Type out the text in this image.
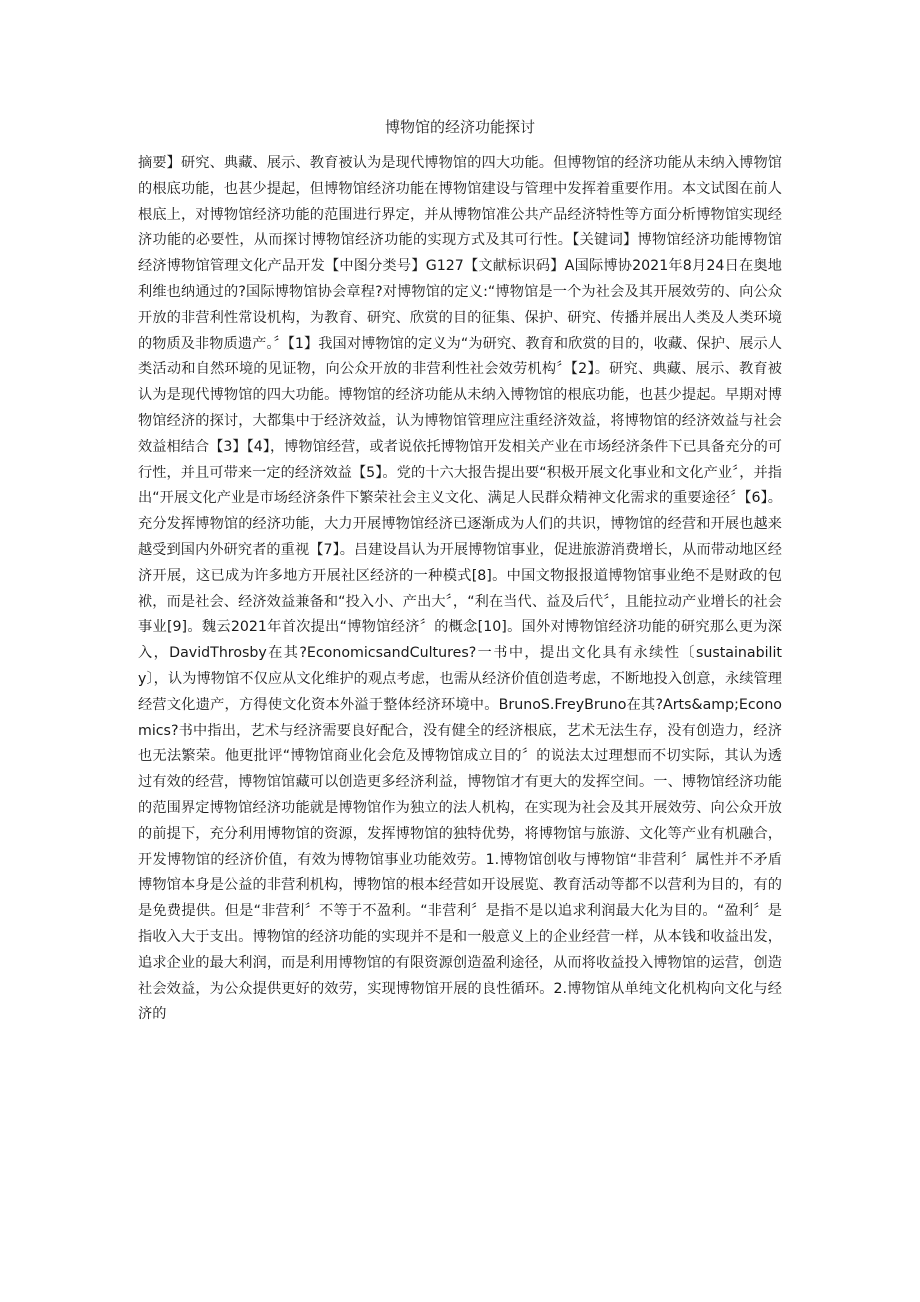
博物馆的经济功能探讨

摘要】研究、典藏、展示、教育被认为是现代博物馆的四大功能。但博物馆的经济功能从未纳入博物馆的根底功能，也甚少提起，但博物馆经济功能在博物馆建设与管理中发挥着重要作用。本文试图在前人根底上，对博物馆经济功能的范围进行界定，并从博物馆准公共产品经济特性等方面分析博物馆实现经济功能的必要性，从而探讨博物馆经济功能的实现方式及其可行性。【关键词】博物馆经济功能博物馆经济博物馆管理文化产品开发【中图分类号】G127【文献标识码】A国际博协2021年8月24日在奥地利维也纳通过的?国际博物馆协会章程?对博物馆的定义:“博物馆是一个为社会及其开展效劳的、向公众开放的非营利性常设机构，为教育、研究、欣赏的目的征集、保护、研究、传播并展出人类及人类环境的物质及非物质遗产。〞【1】我国对博物馆的定义为“为研究、教育和欣赏的目的，收藏、保护、展示人类活动和自然环境的见证物，向公众开放的非营利性社会效劳机构〞【2】。研究、典藏、展示、教育被认为是现代博物馆的四大功能。博物馆的经济功能从未纳入博物馆的根底功能，也甚少提起。早期对博物馆经济的探讨，大都集中于经济效益，认为博物馆管理应注重经济效益，将博物馆的经济效益与社会效益相结合【3】【4】，博物馆经营，或者说依托博物馆开发相关产业在市场经济条件下已具备充分的可行性，并且可带来一定的经济效益【5】。党的十六大报告提出要“积极开展文化事业和文化产业〞，并指出“开展文化产业是市场经济条件下繁荣社会主义文化、满足人民群众精神文化需求的重要途径〞【6】。充分发挥博物馆的经济功能，大力开展博物馆经济已逐渐成为人们的共识，博物馆的经营和开展也越来越受到国内外研究者的重视【7】。吕建设昌认为开展博物馆事业，促进旅游消费增长，从而带动地区经济开展，这已成为许多地方开展社区经济的一种模式[8]。中国文物报报道博物馆事业绝不是财政的包袱，而是社会、经济效益兼备和“投入小、产出大〞，“利在当代、益及后代〞，且能拉动产业增长的社会事业[9]。魏云2021年首次提出“博物馆经济〞的概念[10]。国外对博物馆经济功能的研究那么更为深入，DavidThrosby在其?EconomicsandCultures?一书中，提出文化具有永续性〔sustainability〕，认为博物馆不仅应从文化维护的观点考虑，也需从经济价值创造考虑，不断地投入创意，永续管理经营文化遗产，方得使文化资本外溢于整体经济环境中。BrunoS.FreyBruno在其?Arts&amp;Economics?书中指出，艺术与经济需要良好配合，没有健全的经济根底，艺术无法生存，没有创造力，经济也无法繁荣。他更批评“博物馆商业化会危及博物馆成立目的〞的说法太过理想而不切实际，其认为透过有效的经营，博物馆馆藏可以创造更多经济利益，博物馆才有更大的发挥空间。一、博物馆经济功能的范围界定博物馆经济功能就是博物馆作为独立的法人机构，在实现为社会及其开展效劳、向公众开放的前提下，充分利用博物馆的资源，发挥博物馆的独特优势，将博物馆与旅游、文化等产业有机融合，开发博物馆的经济价值，有效为博物馆事业功能效劳。1.博物馆创收与博物馆“非营利〞属性并不矛盾博物馆本身是公益的非营利机构，博物馆的根本经营如开设展览、教育活动等都不以营利为目的，有的是免费提供。但是“非营利〞不等于不盈利。“非营利〞是指不是以追求利润最大化为目的。“盈利〞是指收入大于支出。博物馆的经济功能的实现并不是和一般意义上的企业经营一样，从本钱和收益出发，追求企业的最大利润，而是利用博物馆的有限资源创造盈利途径，从而将收益投入博物馆的运营，创造社会效益，为公众提供更好的效劳，实现博物馆开展的良性循环。2.博物馆从单纯文化机构向文化与经济的
